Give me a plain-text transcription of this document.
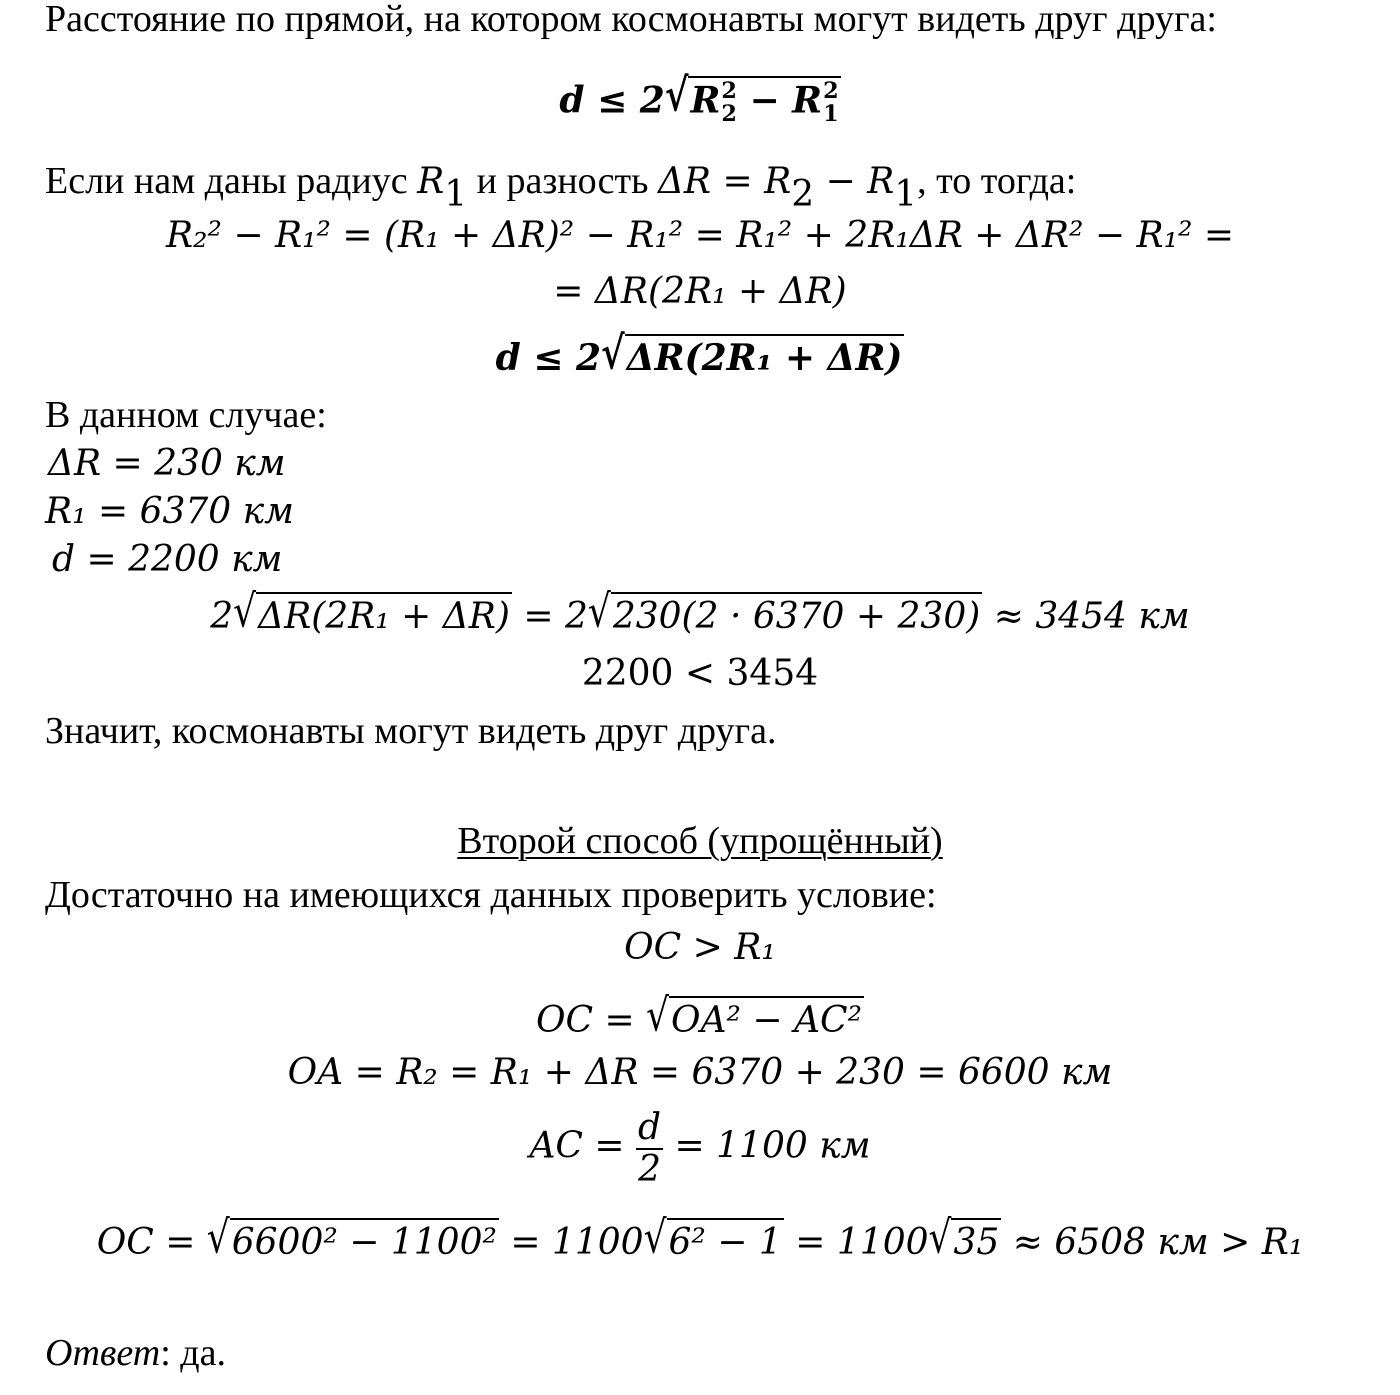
Расстояние по прямой, на котором космонавты могут видеть друг друга:
d ≤ 2√R 2
2 − R 2
1
Если нам даны радиус $R_1$ и разность $\Delta R = R_2 - R_1$, то тогда:
R₂² − R₁² = (R₁ + ΔR)² − R₁² = R₁² + 2R₁ΔR + ΔR² − R₁² =
= ΔR(2R₁ + ΔR)
d ≤ 2√ΔR(2R₁ + ΔR)
В данном случае:
ΔR = 230 км
R₁ = 6370 км
d = 2200 км
2√ΔR(2R₁ + ΔR) = 2√230(2 · 6370 + 230) ≈ 3454 км
2200 < 3454
Значит, космонавты могут видеть друг друга.
Второй способ (упрощённый)
Достаточно на имеющихся данных проверить условие:
OC > R₁
OC = √OA² − AC²
OA = R₂ = R₁ + ΔR = 6370 + 230 = 6600 км
AC = $\frac{d}{2} = 1100$ км
OC = √6600² − 1100² = 1100√6² − 1 = 1100√35 ≈ 6508 км > R₁
Ответ: да.
